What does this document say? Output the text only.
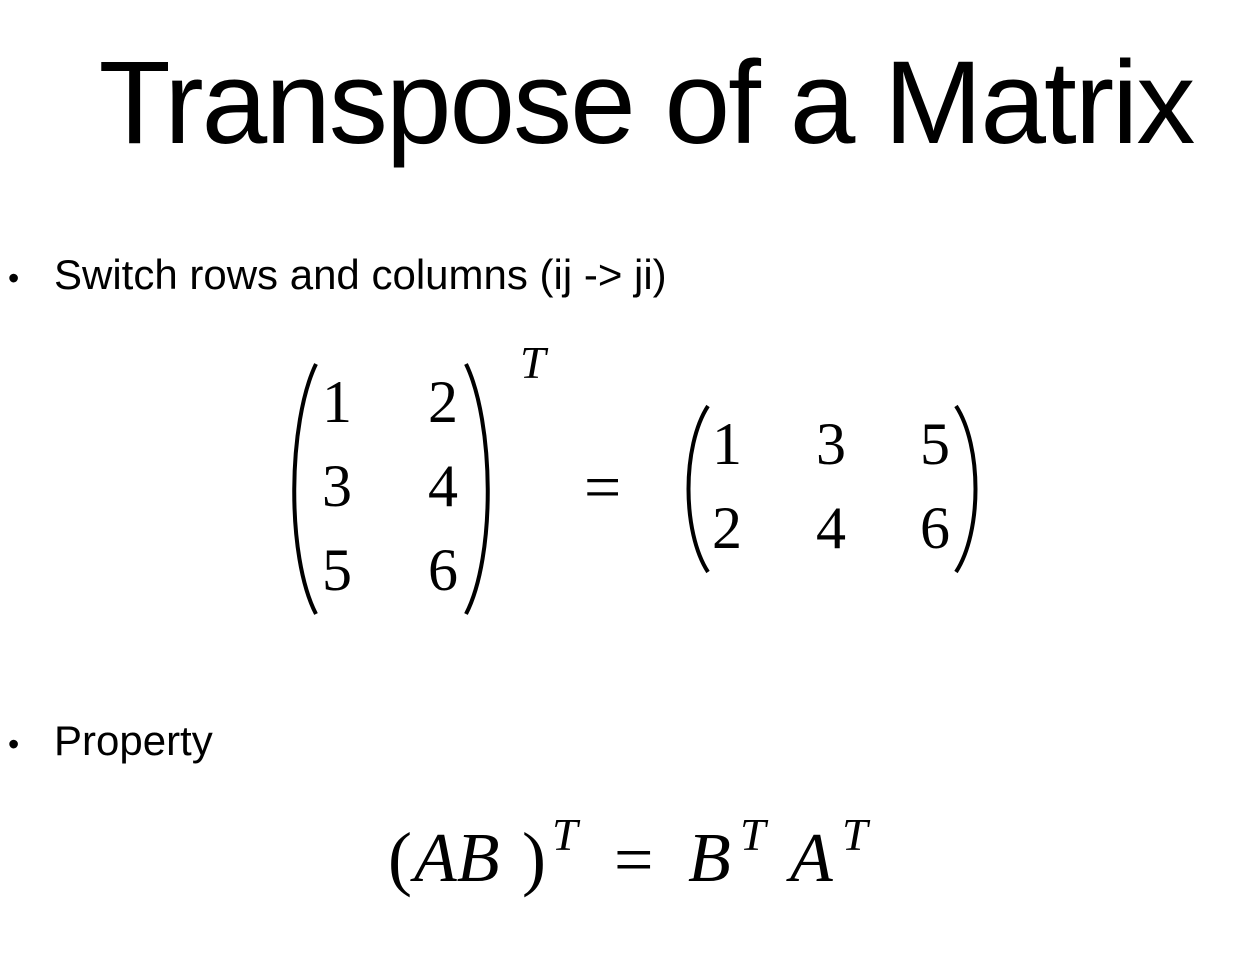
Transpose of a Matrix
• Switch rows and columns (ij -> ji)
1 2
3 4
5 6
T
=
1 3 5
2 4 6
• Property
( AB ) T = B T A T
